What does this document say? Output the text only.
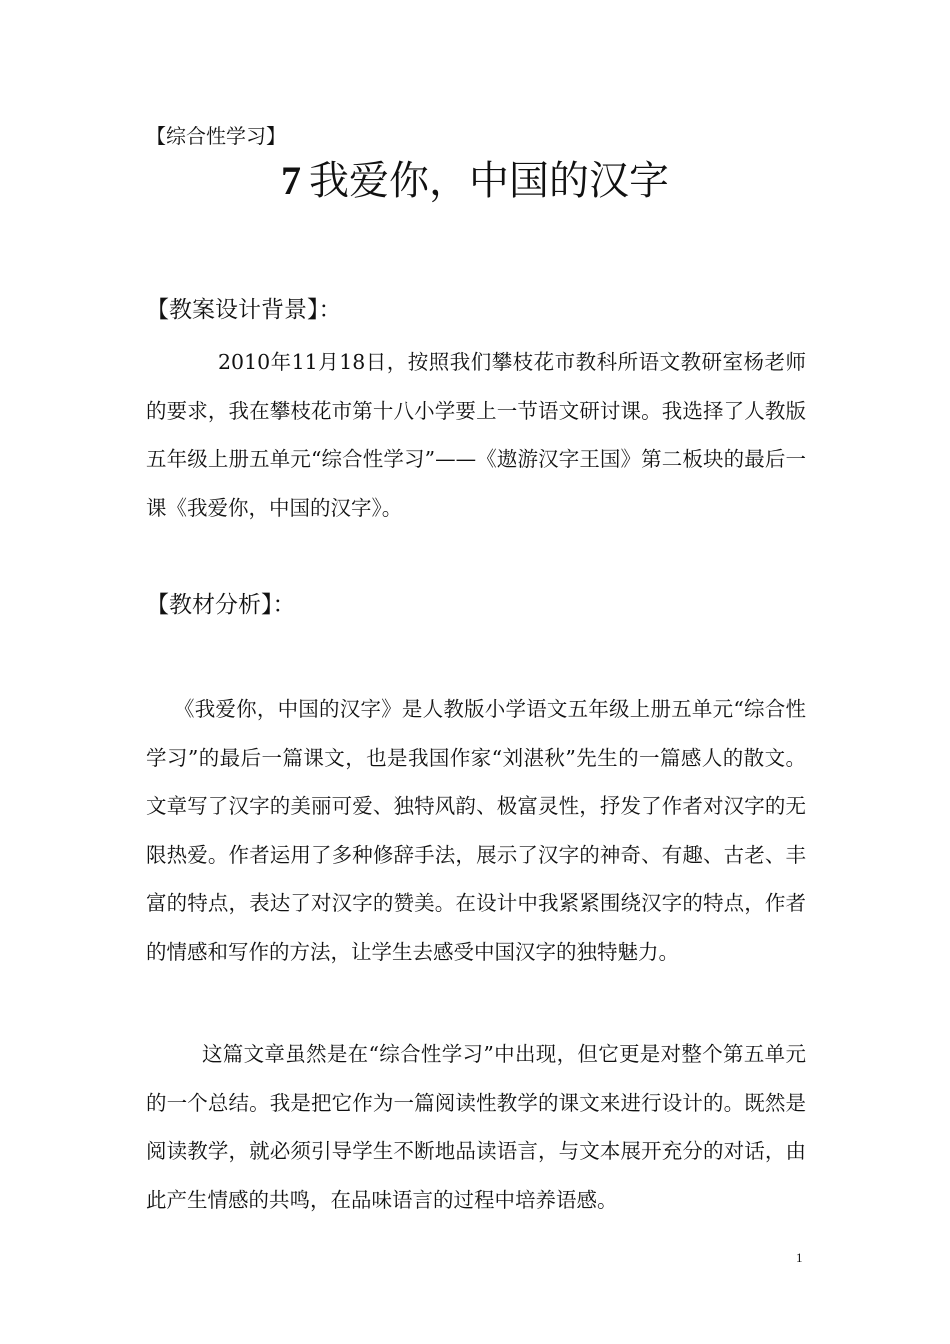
【综合性学习】
7 我爱你，中国的汉字
【教案设计背景】：

2010年11月18日，按照我们攀枝花市教科所语文教研室杨老师的要求，我在攀枝花市第十八小学要上一节语文研讨课。我选择了人教版五年级上册五单元“综合性学习”——《遨游汉字王国》第二板块的最后一课《我爱你，中国的汉字》。

【教材分析】：

《我爱你，中国的汉字》是人教版小学语文五年级上册五单元“综合性学习”的最后一篇课文，也是我国作家“刘湛秋”先生的一篇感人的散文。文章写了汉字的美丽可爱、独特风韵、极富灵性，抒发了作者对汉字的无限热爱。作者运用了多种修辞手法，展示了汉字的神奇、有趣、古老、丰富的特点，表达了对汉字的赞美。在设计中我紧紧围绕汉字的特点，作者的情感和写作的方法，让学生去感受中国汉字的独特魅力。

这篇文章虽然是在“综合性学习”中出现，但它更是对整个第五单元的一个总结。我是把它作为一篇阅读性教学的课文来进行设计的。既然是阅读教学，就必须引导学生不断地品读语言，与文本展开充分的对话，由此产生情感的共鸣，在品味语言的过程中培养语感。

1
